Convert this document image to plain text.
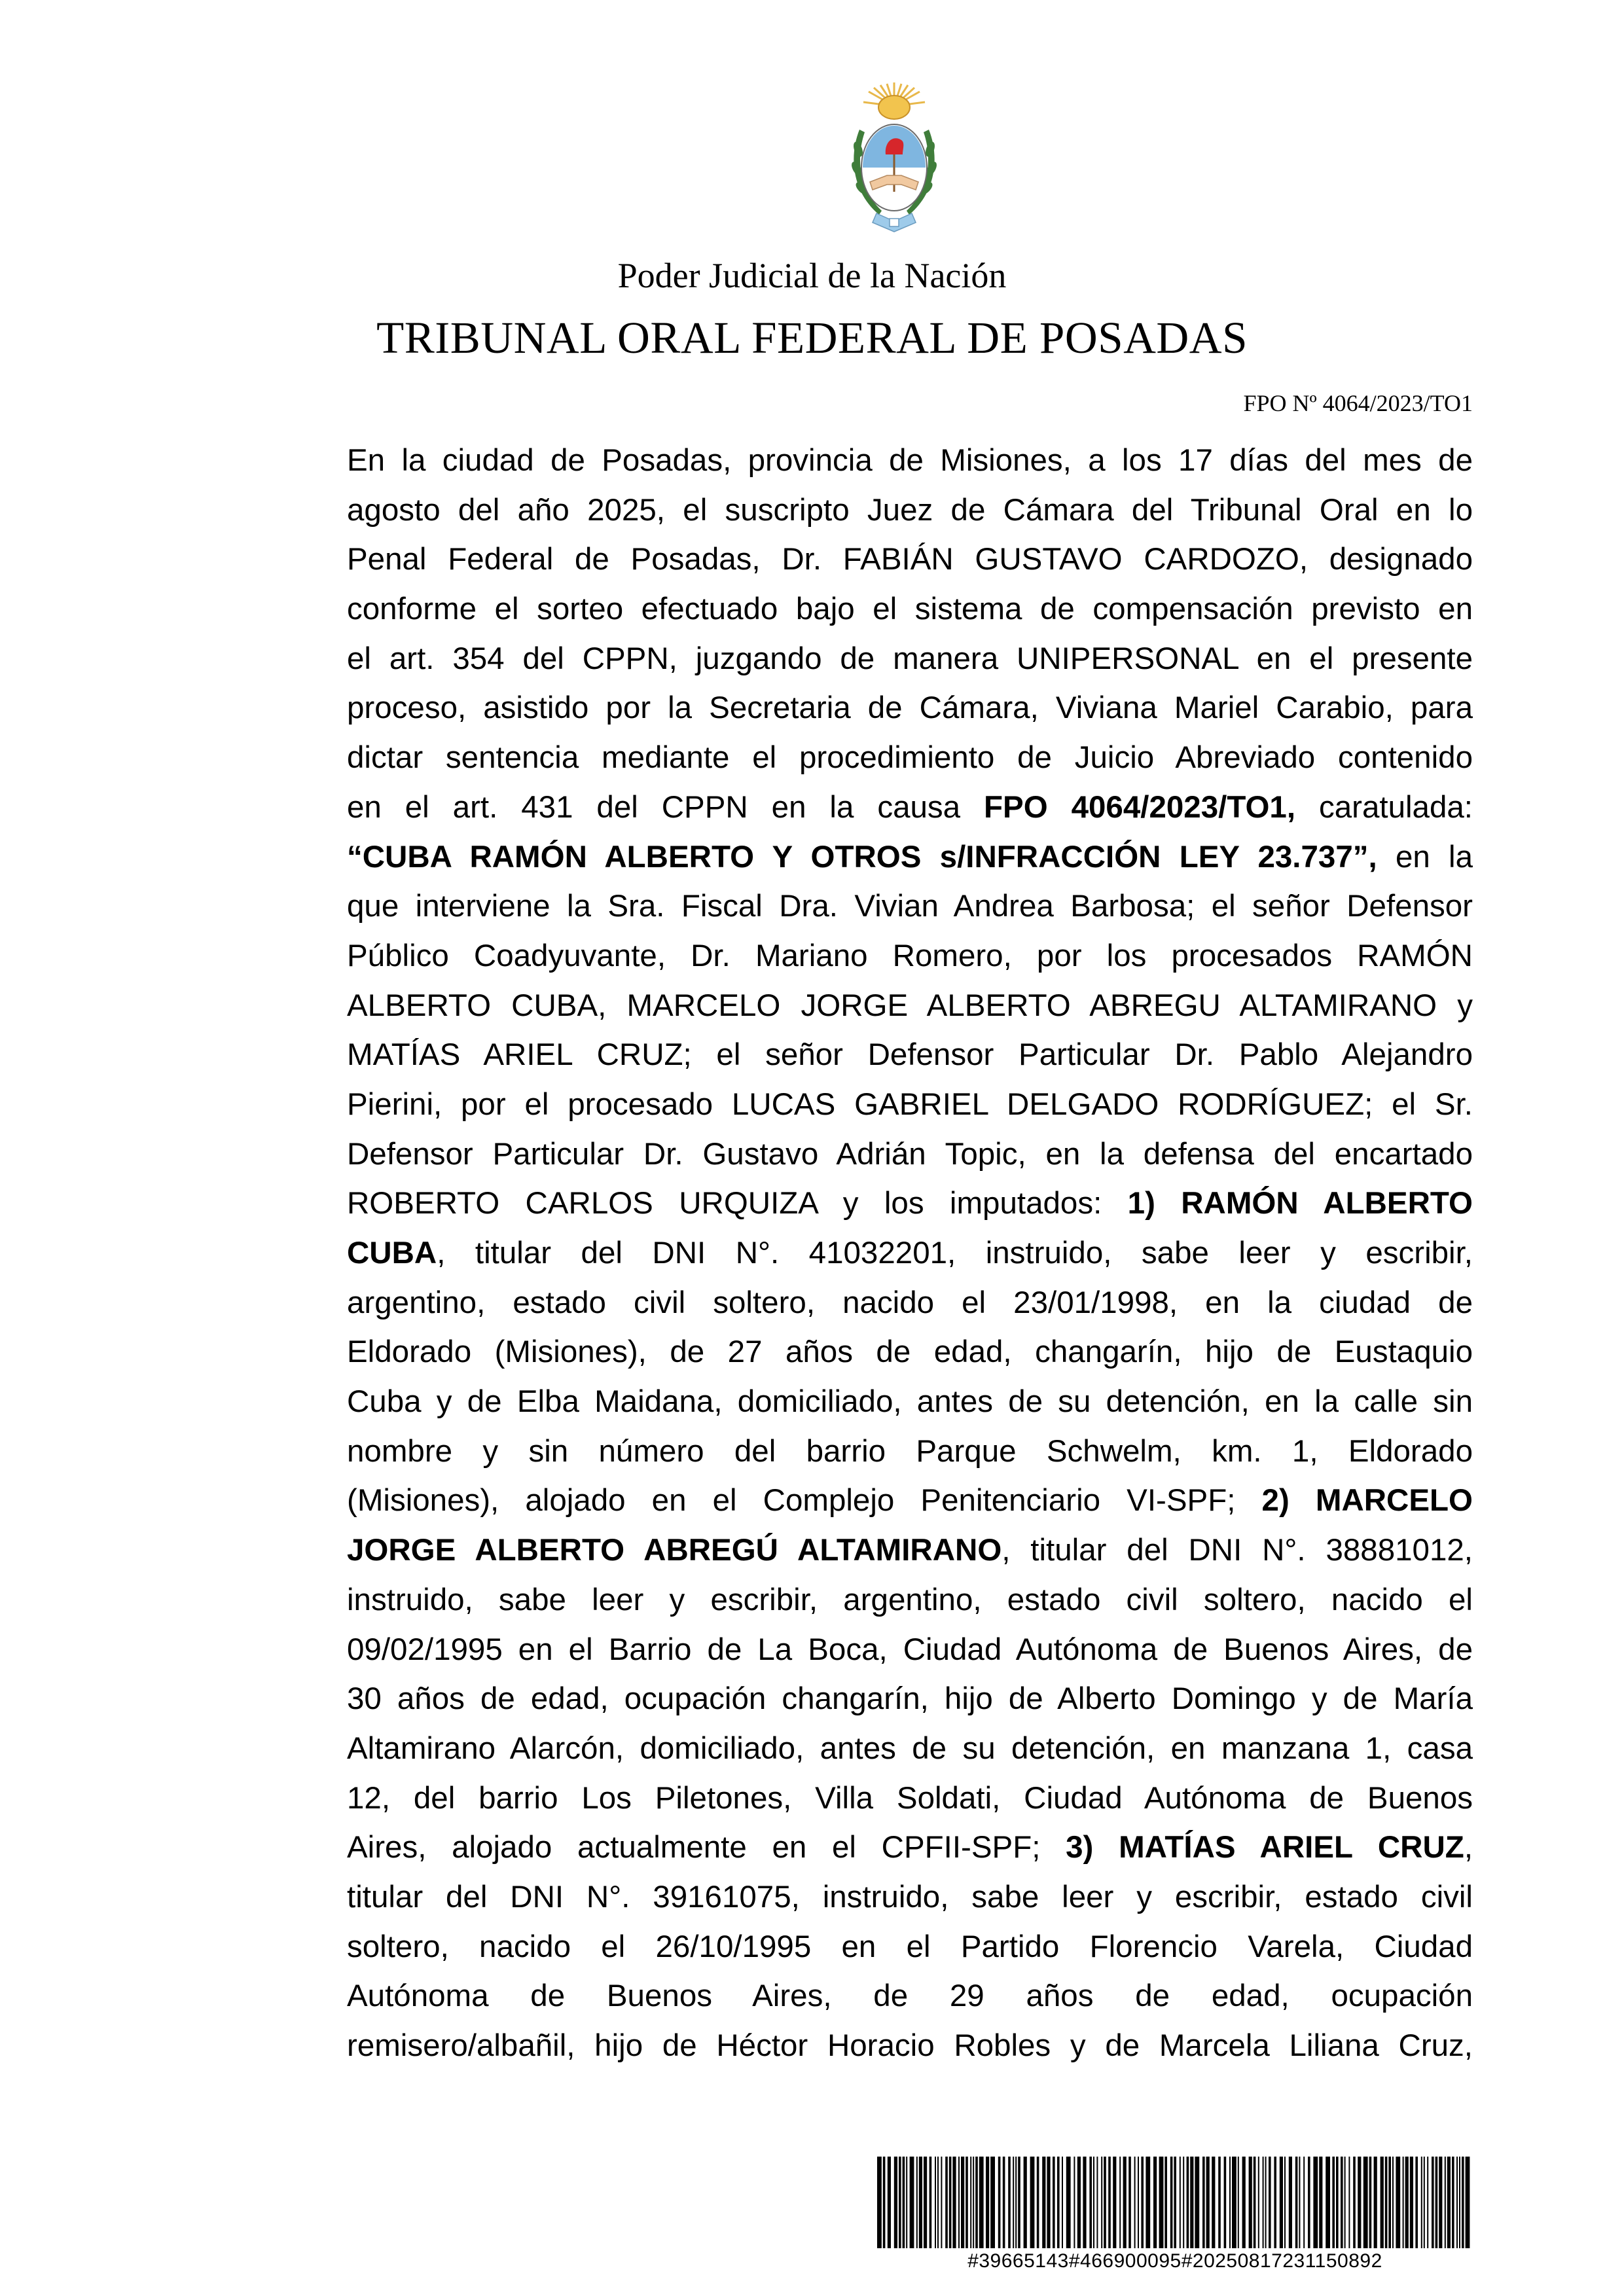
Poder Judicial de la Nación
TRIBUNAL ORAL FEDERAL DE POSADAS
FPO Nº 4064/2023/TO1
En la ciudad de Posadas, provincia de Misiones, a los 17 días del mes de
agosto del año 2025, el suscripto Juez de Cámara del Tribunal Oral en lo
Penal Federal de Posadas, Dr. FABIÁN GUSTAVO CARDOZO, designado
conforme el sorteo efectuado bajo el sistema de compensación previsto en
el art. 354 del CPPN, juzgando de manera UNIPERSONAL en el presente
proceso, asistido por la Secretaria de Cámara, Viviana Mariel Carabio, para
dictar sentencia mediante el procedimiento de Juicio Abreviado contenido
en el art. 431 del CPPN en la causa FPO 4064/2023/TO1, caratulada:
“CUBA RAMÓN ALBERTO Y OTROS s/INFRACCIÓN LEY 23.737”, en la
que interviene la Sra. Fiscal Dra. Vivian Andrea Barbosa; el señor Defensor
Público Coadyuvante, Dr. Mariano Romero, por los procesados RAMÓN
ALBERTO CUBA, MARCELO JORGE ALBERTO ABREGU ALTAMIRANO y
MATÍAS ARIEL CRUZ; el señor Defensor Particular Dr. Pablo Alejandro
Pierini, por el procesado LUCAS GABRIEL DELGADO RODRÍGUEZ; el Sr.
Defensor Particular Dr. Gustavo Adrián Topic, en la defensa del encartado
ROBERTO CARLOS URQUIZA y los imputados: 1) RAMÓN ALBERTO
CUBA, titular del DNI N°. 41032201, instruido, sabe leer y escribir,
argentino, estado civil soltero, nacido el 23/01/1998, en la ciudad de
Eldorado (Misiones), de 27 años de edad, changarín, hijo de Eustaquio
Cuba y de Elba Maidana, domiciliado, antes de su detención, en la calle sin
nombre y sin número del barrio Parque Schwelm, km. 1, Eldorado
(Misiones), alojado en el Complejo Penitenciario VI-SPF; 2) MARCELO
JORGE ALBERTO ABREGÚ ALTAMIRANO, titular del DNI N°. 38881012,
instruido, sabe leer y escribir, argentino, estado civil soltero, nacido el
09/02/1995 en el Barrio de La Boca, Ciudad Autónoma de Buenos Aires, de
30 años de edad, ocupación changarín, hijo de Alberto Domingo y de María
Altamirano Alarcón, domiciliado, antes de su detención, en manzana 1, casa
12, del barrio Los Piletones, Villa Soldati, Ciudad Autónoma de Buenos
Aires, alojado actualmente en el CPFII-SPF; 3) MATÍAS ARIEL CRUZ,
titular del DNI N°. 39161075, instruido, sabe leer y escribir, estado civil
soltero, nacido el 26/10/1995 en el Partido Florencio Varela, Ciudad
Autónoma de Buenos Aires, de 29 años de edad, ocupación
remisero/albañil, hijo de Héctor Horacio Robles y de Marcela Liliana Cruz,
#39665143#466900095#20250817231150892
